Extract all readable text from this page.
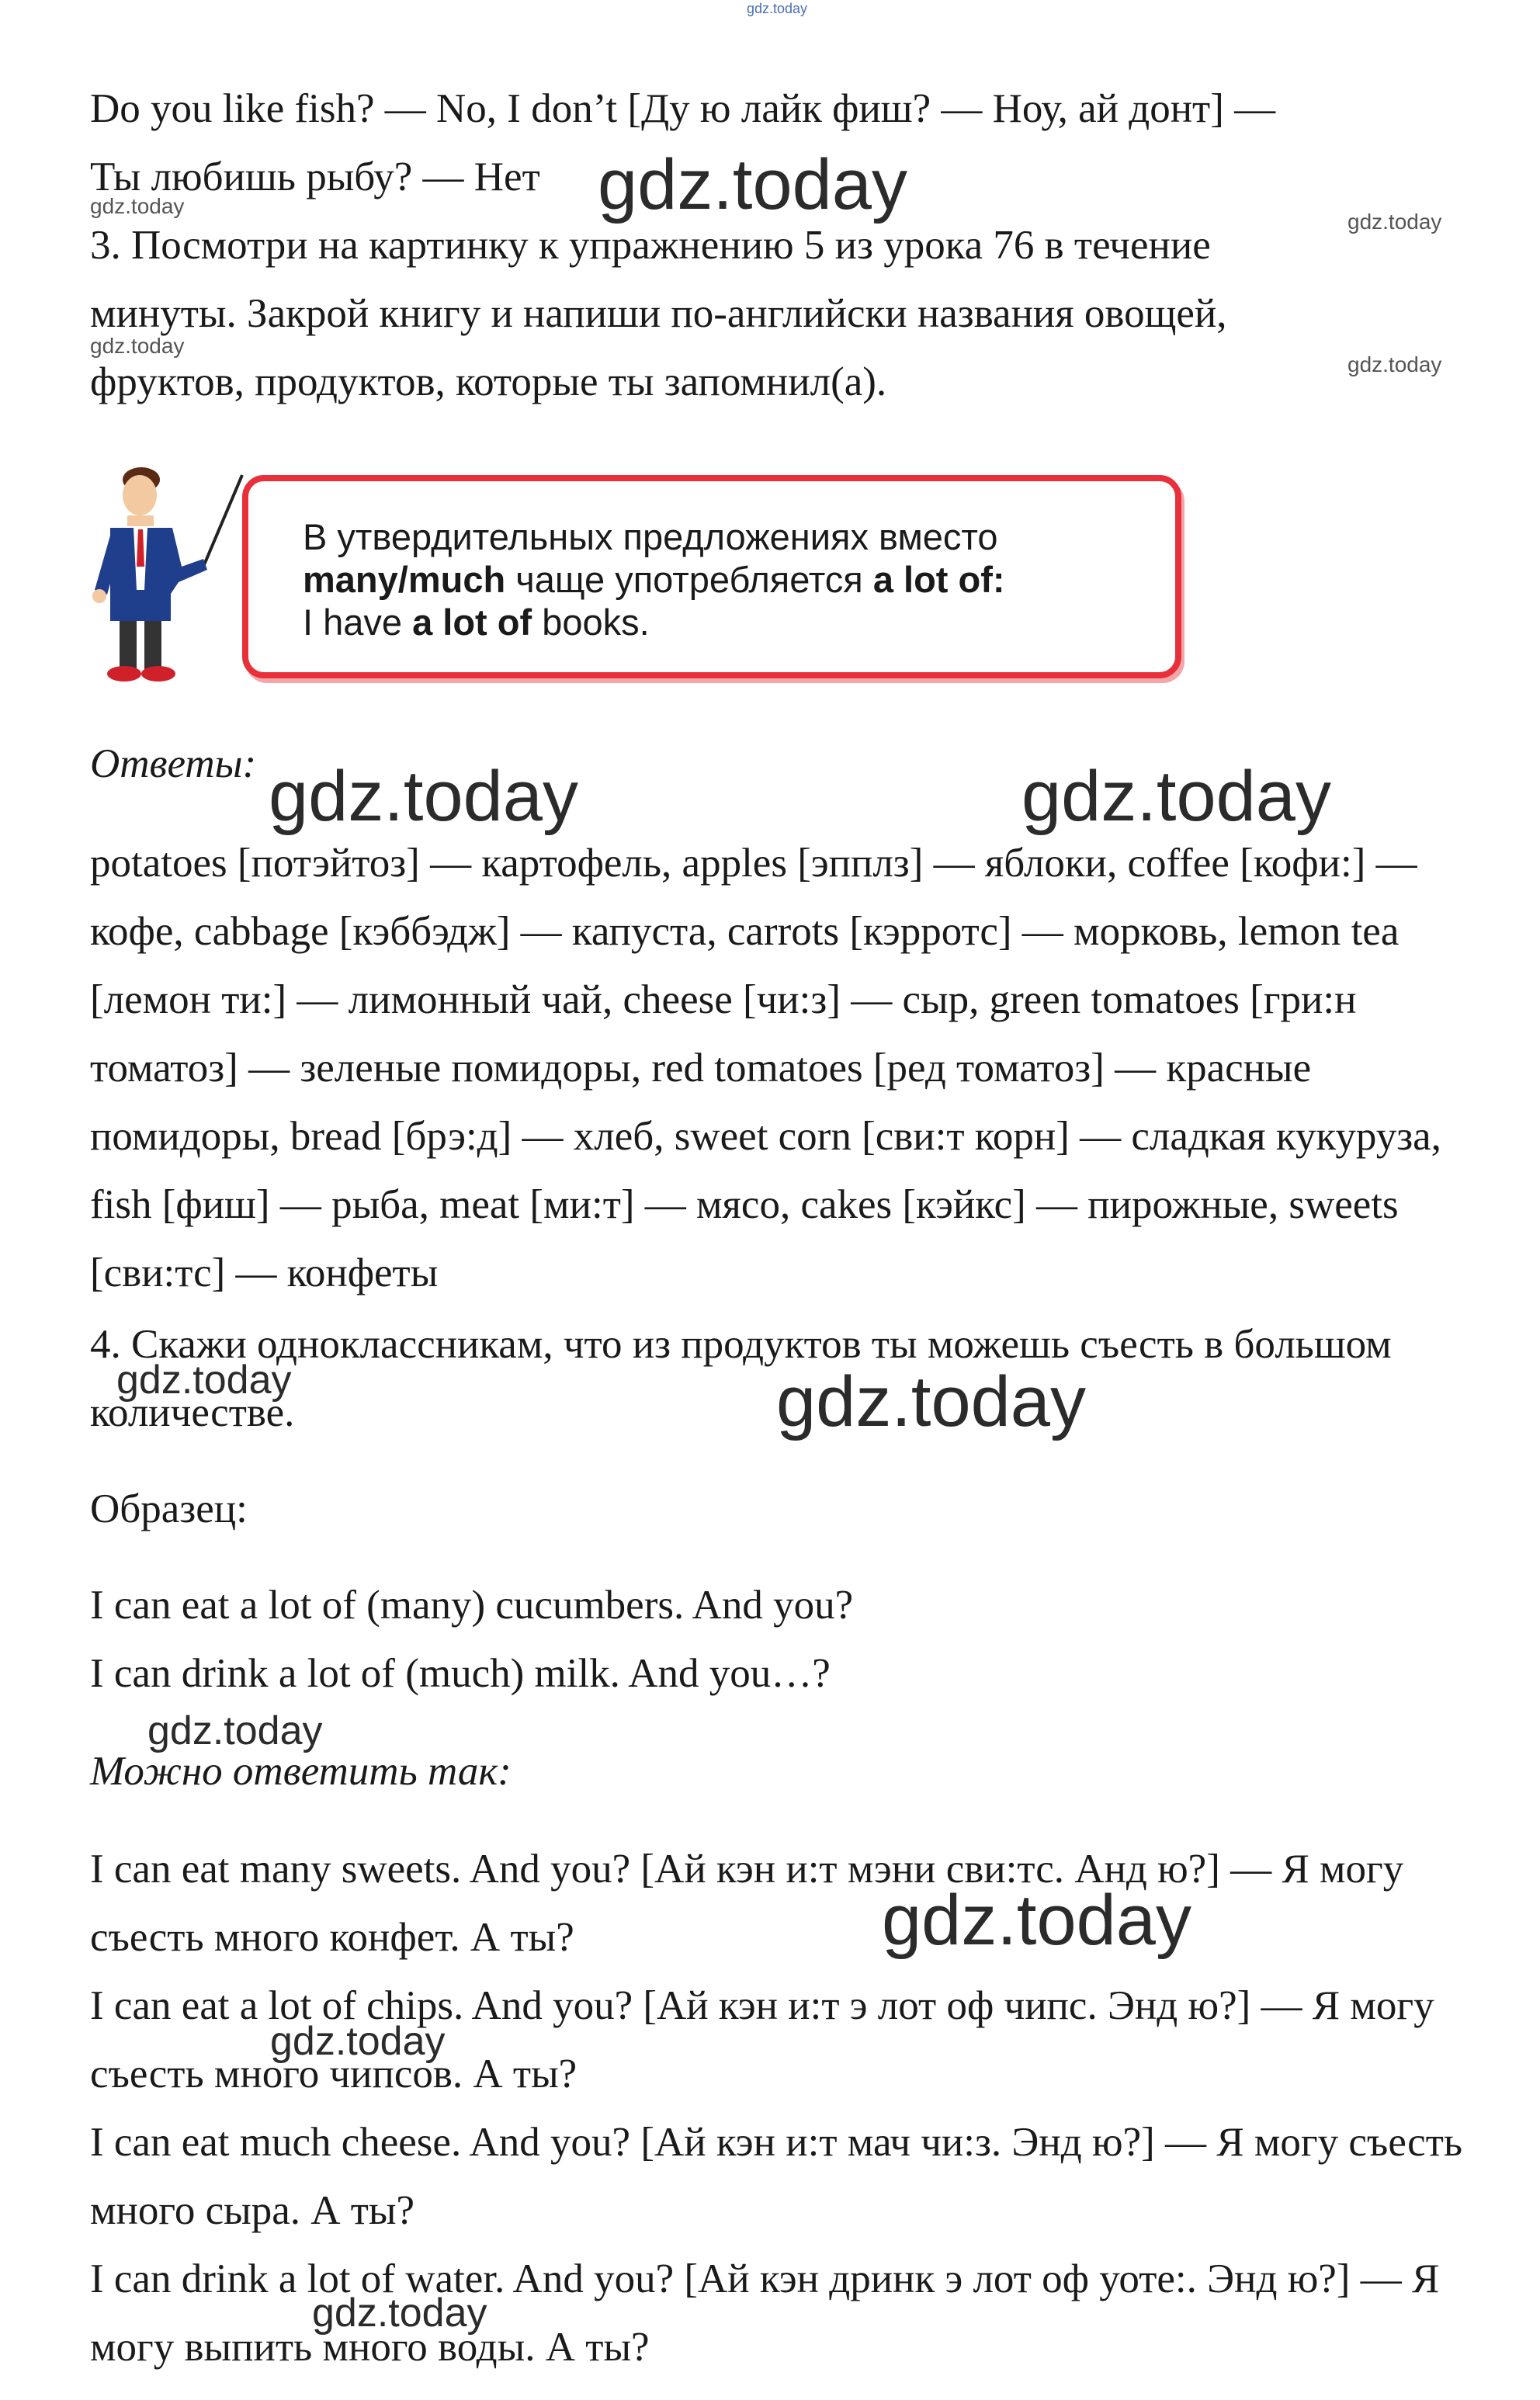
gdz.today

Do you like fish? — No, I don’t [Ду ю лайк фиш? — Ноу, ай донт] —

Ты любишь рыбу? — Нет gdz.today
gdz.today
gdz.today

3. Посмотри на картинку к упражнению 5 из урока 76 в течение минуты. Закрой книгу и напиши по-английски названия овощей, фруктов, продуктов, которые ты запомнил(а).

gdz.today
gdz.today
В утвердительных предложениях вместо
many/much чаще употребляется a lot of:
I have a lot of books.

Ответы: gdz.today	gdz.today

potatoes [потэйтоз] — картофель, apples [эпплз] — яблоки, coffee [кофи:] — кофе, cabbage [кэббэдж] — капуста, carrots [кэрротс] — морковь, lemon tea [лемон ти:] — лимонный чай, cheese [чи:з] — сыр, green tomatoes [гри:н томатоз] — зеленые помидоры, red tomatoes [ред томатоз] — красные помидоры, bread [брэ:д] — хлеб, sweet corn [сви:т корн] — сладкая кукуруза, fish [фиш] — рыба, meat [ми:т] — мясо, cakes [кэйкс] — пирожные, sweets [сви:тс] — конфеты

4. Скажи одноклассникам, что из продуктов ты можешь съесть в большом количестве.

gdz.today	gdz.today

Образец:

I can eat a lot of (many) cucumbers. And you?

I can drink a lot of (much) milk. And you…?

gdz.today

Можно ответить так:

I can eat many sweets. And you? [Ай кэн и:т мэни сви:тс. Анд ю?] — Я могу съесть много конфет. А ты?	gdz.today

I can eat a lot of chips. And you? [Ай кэн и:т э лот оф чипс. Энд ю?] — Я могу съесть много чипсов. А ты?

gdz.today

I can eat much cheese. And you? [Ай кэн и:т мач чи:з. Энд ю?] — Я могу съесть много сыра. А ты?

I can drink a lot of water. And you? [Ай кэн дринк э лот оф уоте:. Энд ю?] — Я могу выпить много воды. А ты?

gdz.today
